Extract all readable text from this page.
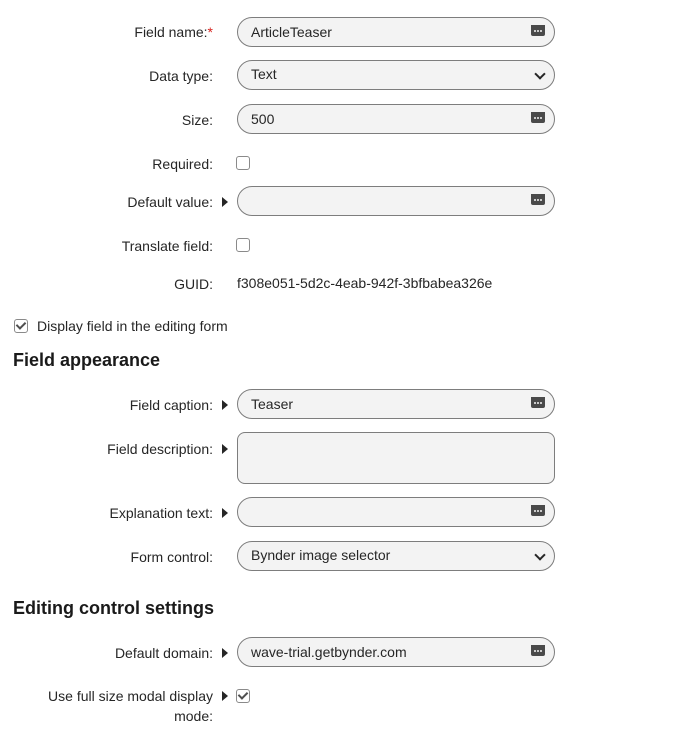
Field name:*
ArticleTeaser
Data type:	Text
Size:
500
Required:
Default value:
Translate field:
GUID: f308e051-5d2c-4eab-942f-3bfbabea326e
Display field in the editing form
Field appearance
Field caption:
Teaser
Field description:
Explanation text:
Form control:	Bynder image selector
Editing control settings
Default domain:
wave-trial.getbynder.com
Use full size modal display mode:
